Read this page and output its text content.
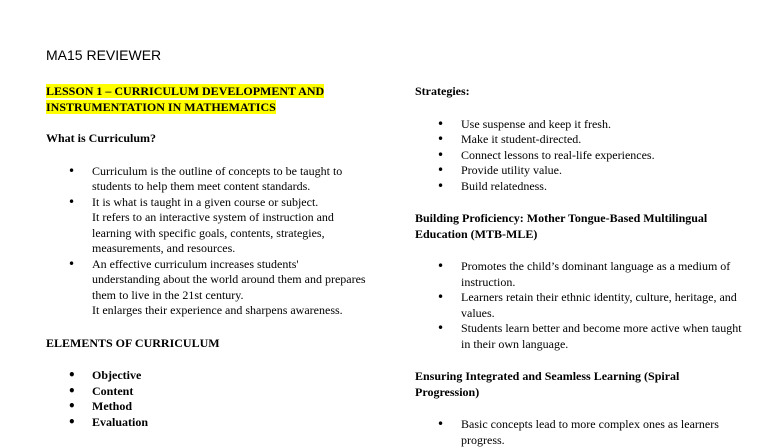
MA15 REVIEWER

LESSON 1 – CURRICULUM DEVELOPMENT AND
INSTRUMENTATION IN MATHEMATICS

What is Curriculum?

• Curriculum is the outline of concepts to be taught to students to help them meet content standards.
• It is what is taught in a given course or subject.
It refers to an interactive system of instruction and learning with specific goals, contents, strategies, measurements, and resources.
• An effective curriculum increases students' understanding about the world around them and prepares them to live in the 21st century.
It enlarges their experience and sharpens awareness.

ELEMENTS OF CURRICULUM

• Objective
• Content
• Method
• Evaluation

Strategies:

• Use suspense and keep it fresh.
• Make it student-directed.
• Connect lessons to real-life experiences.
• Provide utility value.
• Build relatedness.

Building Proficiency: Mother Tongue-Based Multilingual Education (MTB-MLE)

• Promotes the child’s dominant language as a medium of instruction.
• Learners retain their ethnic identity, culture, heritage, and values.
• Students learn better and become more active when taught in their own language.

Ensuring Integrated and Seamless Learning (Spiral Progression)

• Basic concepts lead to more complex ones as learners progress.
